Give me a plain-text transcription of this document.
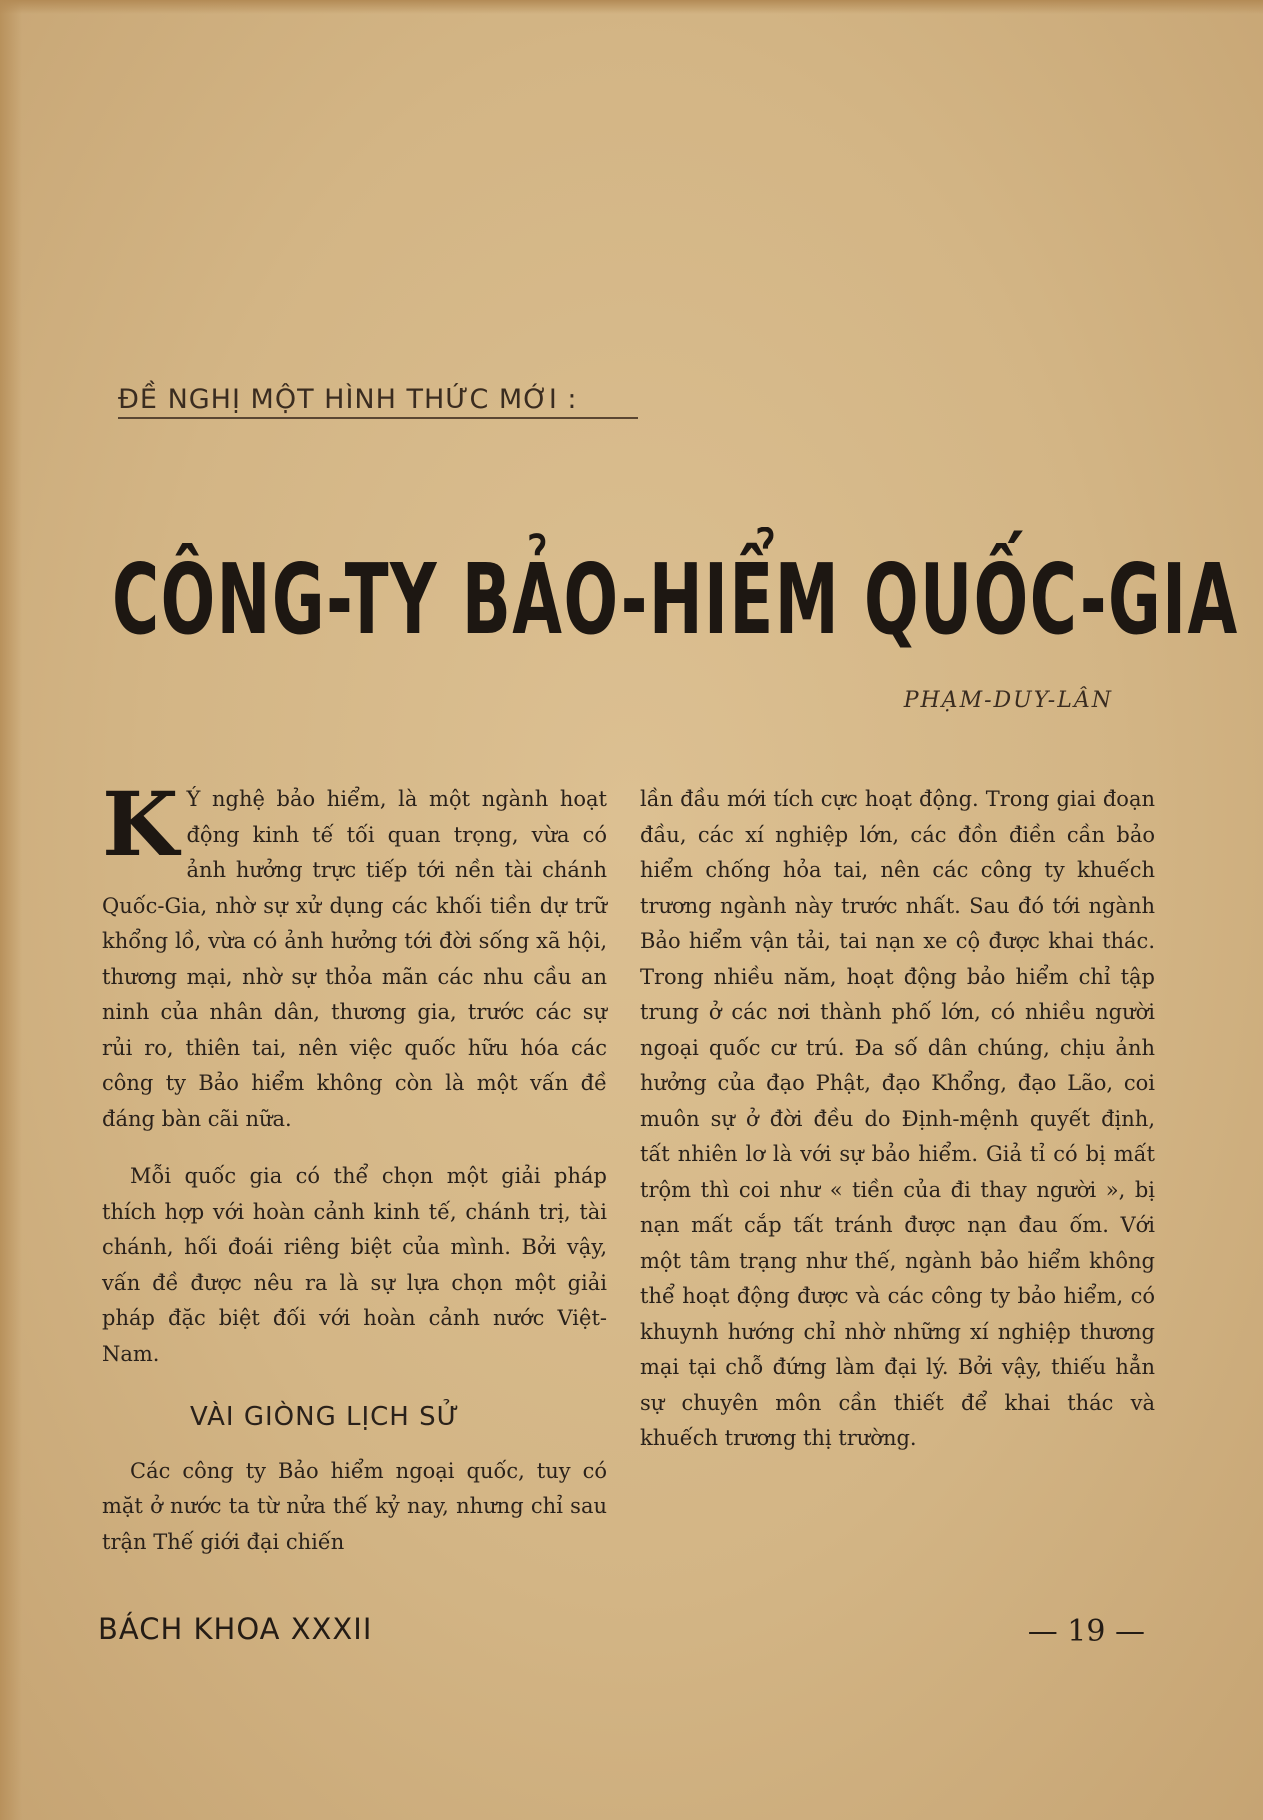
ĐỀ NGHỊ MỘT HÌNH THỨC MỚI :
CÔNG-TY BẢO-HIỂM QUỐC-GIA
PHẠM-DUY-LÂN

K Ý nghệ bảo hiểm, là một ngành hoạt động kinh tế tối quan trọng, vừa có ảnh hưởng trực tiếp tới nền tài chánh Quốc-Gia, nhờ sự xử dụng các khối tiền dự trữ khổng lồ, vừa có ảnh hưởng tới đời sống xã hội, thương mại, nhờ sự thỏa mãn các nhu cầu an ninh của nhân dân, thương gia, trước các sự rủi ro, thiên tai, nên việc quốc hữu hóa các công ty Bảo hiểm không còn là một vấn đề đáng bàn cãi nữa.

Mỗi quốc gia có thể chọn một giải pháp thích hợp với hoàn cảnh kinh tế, chánh trị, tài chánh, hối đoái riêng biệt của mình. Bởi vậy, vấn đề được nêu ra là sự lựa chọn một giải pháp đặc biệt đối với hoàn cảnh nước Việt-Nam.

VÀI GIÒNG LỊCH SỬ

Các công ty Bảo hiểm ngoại quốc, tuy có mặt ở nước ta từ nửa thế kỷ nay, nhưng chỉ sau trận Thế giới đại chiến

lần đầu mới tích cực hoạt động. Trong giai đoạn đầu, các xí nghiệp lớn, các đồn điền cần bảo hiểm chống hỏa tai, nên các công ty khuếch trương ngành này trước nhất. Sau đó tới ngành Bảo hiểm vận tải, tai nạn xe cộ được khai thác. Trong nhiều năm, hoạt động bảo hiểm chỉ tập trung ở các nơi thành phố lớn, có nhiều người ngoại quốc cư trú. Đa số dân chúng, chịu ảnh hưởng của đạo Phật, đạo Khổng, đạo Lão, coi muôn sự ở đời đều do Định-mệnh quyết định, tất nhiên lơ là với sự bảo hiểm. Giả tỉ có bị mất trộm thì coi như « tiền của đi thay người », bị nạn mất cắp tất tránh được nạn đau ốm. Với một tâm trạng như thế, ngành bảo hiểm không thể hoạt động được và các công ty bảo hiểm, có khuynh hướng chỉ nhờ những xí nghiệp thương mại tại chỗ đứng làm đại lý. Bởi vậy, thiếu hẳn sự chuyên môn cần thiết để khai thác và khuếch trương thị trường.

BÁCH KHOA XXXII	— 19 —
